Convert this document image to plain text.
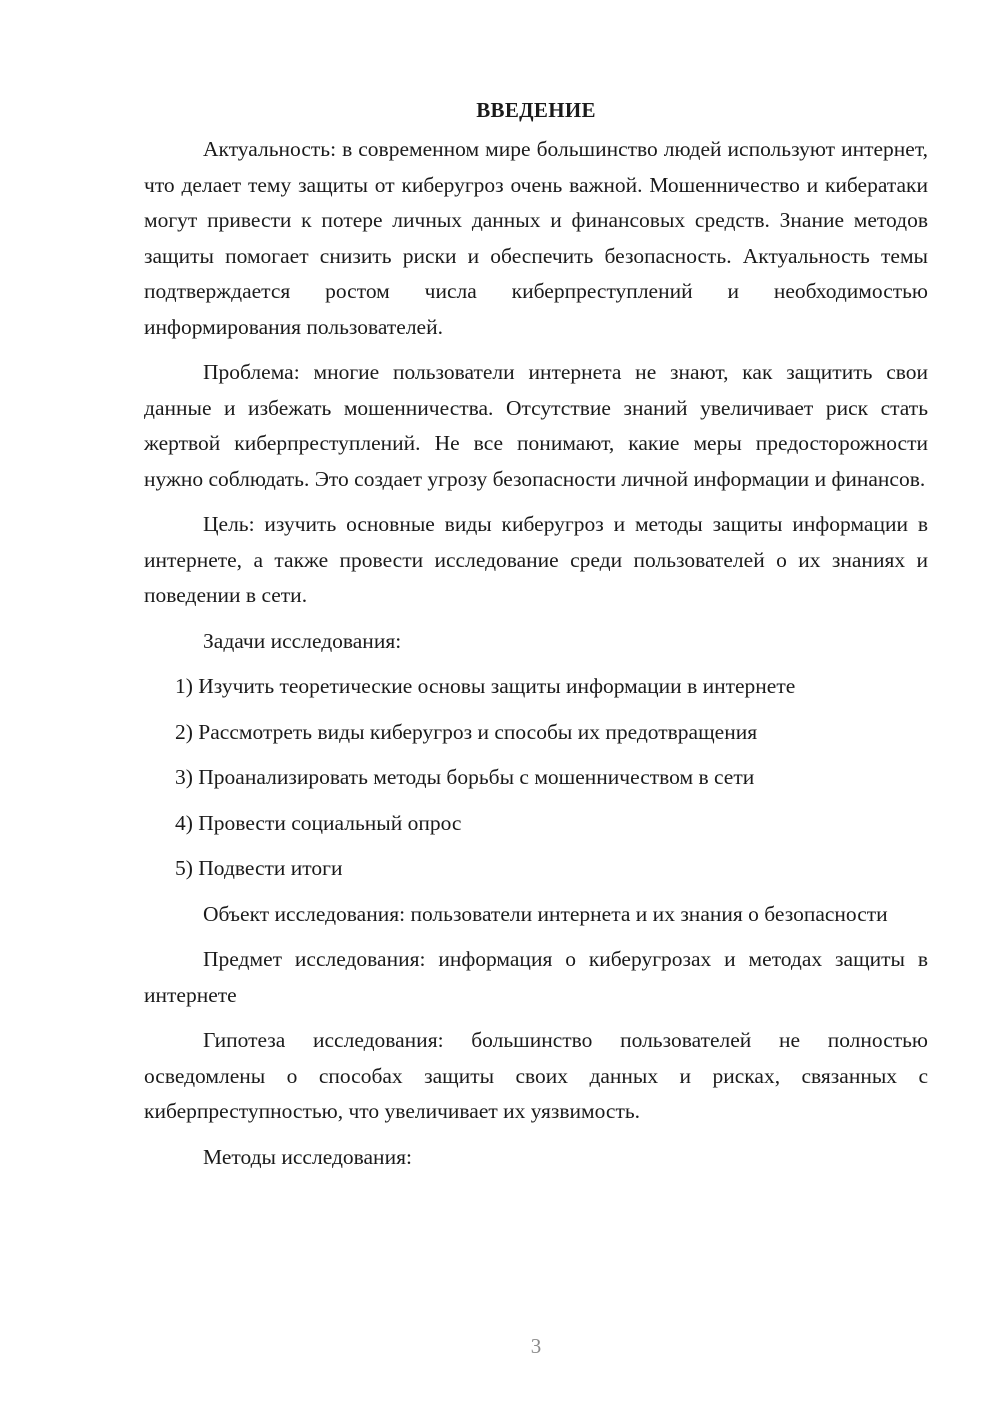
ВВЕДЕНИЕ

Актуальность: в современном мире большинство людей используют интернет, что делает тему защиты от киберугроз очень важной. Мошенничество и кибератаки могут привести к потере личных данных и финансовых средств. Знание методов защиты помогает снизить риски и обеспечить безопасность. Актуальность темы подтверждается ростом числа киберпреступлений и необходимостью информирования пользователей.

Проблема: многие пользователи интернета не знают, как защитить свои данные и избежать мошенничества. Отсутствие знаний увеличивает риск стать жертвой киберпреступлений. Не все понимают, какие меры предосторожности нужно соблюдать. Это создает угрозу безопасности личной информации и финансов.

Цель: изучить основные виды киберугроз и методы защиты информации в интернете, а также провести исследование среди пользователей о их знаниях и поведении в сети.

Задачи исследования:

1) Изучить теоретические основы защиты информации в интернете
2) Рассмотреть виды киберугроз и способы их предотвращения
3) Проанализировать методы борьбы с мошенничеством в сети
4) Провести социальный опрос
5) Подвести итоги

Объект исследования: пользователи интернета и их знания о безопасности

Предмет исследования: информация о киберугрозах и методах защиты в интернете

Гипотеза исследования: большинство пользователей не полностью осведомлены о способах защиты своих данных и рисках, связанных с киберпреступностью, что увеличивает их уязвимость.

Методы исследования:

3
